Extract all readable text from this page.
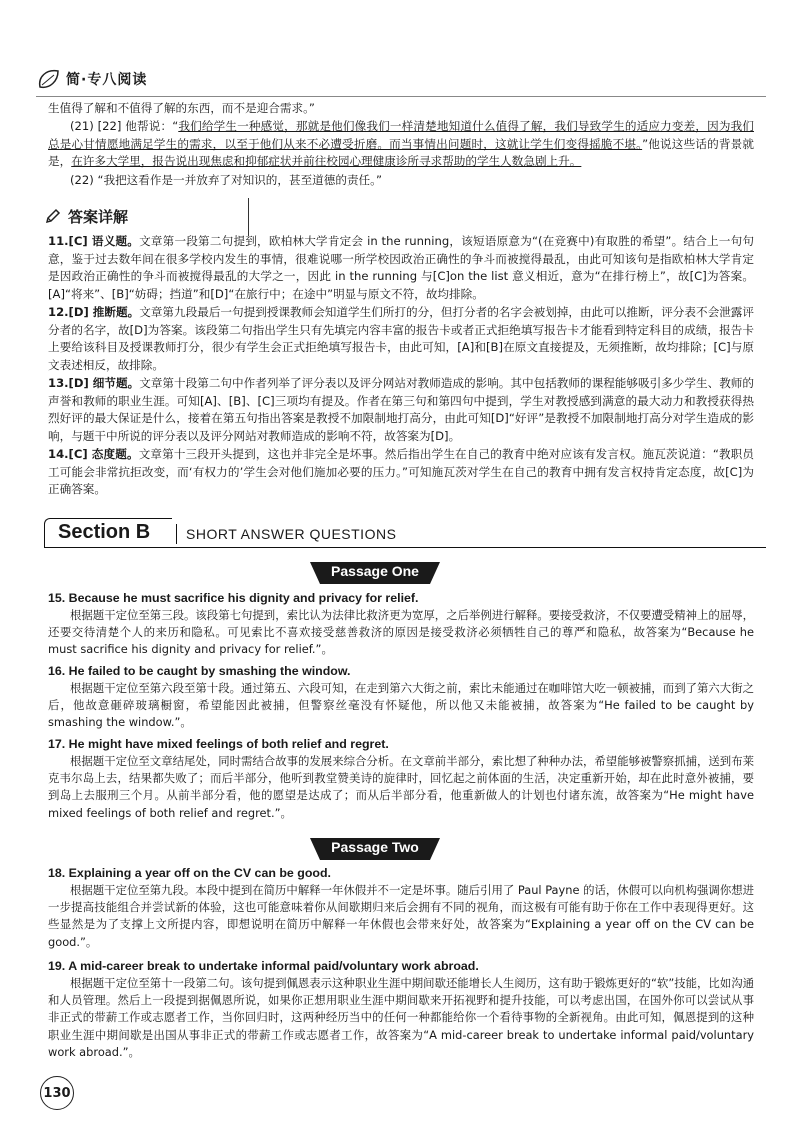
简·专八阅读
生值得了解和不值得了解的东西，而不是迎合需求。”
(21) [22] 他帮说：“我们给学生一种感觉，那就是他们像我们一样清楚地知道什么值得了解，我们导致学生的适应力变差，因为我们总是心甘情愿地满足学生的需求，以至于他们从来不必遭受折磨。而当事情出问题时，这就让学生们变得摇脆不堪。”他说这些话的背景就是，在许多大学里，报告说出现焦虑和抑郁症状并前往校园心理健康诊所寻求帮助的学生人数急剧上升。
(22) “我把这看作是一并放弃了对知识的，甚至道德的责任。”
答案详解
11.[C] 语义题。文章第一段第二句提到，欧柏林大学肯定会 in the running，该短语原意为“(在竞赛中)有取胜的希望”。结合上一句句意，鉴于过去数年间在很多学校内发生的事情，很难说哪一所学校因政治正确性的争斗而被搅得最乱，由此可知该句是指欧柏林大学肯定是因政治正确性的争斗而被搅得最乱的大学之一，因此 in the running 与[C]on the list 意义相近，意为“在排行榜上”，故[C]为答案。[A]“将来”、[B]“妨碍；挡道”和[D]“在旅行中；在途中”明显与原文不符，故均排除。
12.[D] 推断题。文章第九段最后一句提到授课教师会知道学生们所打的分，但打分者的名字会被划掉，由此可以推断，评分表不会泄露评分者的名字，故[D]为答案。该段第二句指出学生只有先填完内容丰富的报告卡或者正式拒绝填写报告卡才能看到特定科目的成绩，报告卡上要给该科目及授课教师打分，很少有学生会正式拒绝填写报告卡，由此可知，[A]和[B]在原文直接提及，无须推断，故均排除；[C]与原文表述相反，故排除。
13.[D] 细节题。文章第十段第二句中作者列举了评分表以及评分网站对教师造成的影响。其中包括教师的课程能够吸引多少学生、教师的声誉和教师的职业生涯。可知[A]、[B]、[C]三项均有提及。作者在第三句和第四句中提到，学生对教授感到满意的最大动力和教授获得热烈好评的最大保证是什么，接着在第五句指出答案是教授不加限制地打高分，由此可知[D]“好评”是教授不加限制地打高分对学生造成的影响，与题干中所说的评分表以及评分网站对教师造成的影响不符，故答案为[D]。
14.[C] 态度题。文章第十三段开头提到，这也并非完全是坏事。然后指出学生在自己的教育中绝对应该有发言权。施瓦茨说道：“教职员工可能会非常抗拒改变，而‘有权力的’学生会对他们施加必要的压力。”可知施瓦茨对学生在自己的教育中拥有发言权持肯定态度，故[C]为正确答案。
Section B	SHORT ANSWER QUESTIONS
Passage One
15. Because he must sacrifice his dignity and privacy for relief.
根据题干定位至第三段。该段第七句提到，索比认为法律比救济更为宽厚，之后举例进行解释。要接受救济，不仅要遭受精神上的屈辱，还要交待清楚个人的来历和隐私。可见索比不喜欢接受慈善救济的原因是接受救济必须牺牲自己的尊严和隐私，故答案为“Because he must sacrifice his dignity and privacy for relief.”。
16. He failed to be caught by smashing the window.
根据题干定位至第六段至第十段。通过第五、六段可知，在走到第六大街之前，索比未能通过在咖啡馆大吃一顿被捕，而到了第六大街之后，他故意砸碎玻璃橱窗，希望能因此被捕，但警察丝毫没有怀疑他，所以他又未能被捕，故答案为“He failed to be caught by smashing the window.”。
17. He might have mixed feelings of both relief and regret.
根据题干定位至文章结尾处，同时需结合故事的发展来综合分析。在文章前半部分，索比想了种种办法，希望能够被警察抓捕，送到布莱克韦尔岛上去，结果都失败了；而后半部分，他听到教堂赞美诗的旋律时，回忆起之前体面的生活，决定重新开始，却在此时意外被捕，要到岛上去服刑三个月。从前半部分看，他的愿望是达成了；而从后半部分看，他重新做人的计划也付诸东流，故答案为“He might have mixed feelings of both relief and regret.”。
Passage Two
18. Explaining a year off on the CV can be good.
根据题干定位至第九段。本段中提到在简历中解释一年休假并不一定是坏事。随后引用了 Paul Payne 的话，休假可以向机构强调你想进一步提高技能组合并尝试新的体验，这也可能意味着你从间歇期归来后会拥有不同的视角，而这极有可能有助于你在工作中表现得更好。这些显然是为了支撑上文所提内容，即想说明在简历中解释一年休假也会带来好处，故答案为“Explaining a year off on the CV can be good.”。
19. A mid-career break to undertake informal paid/voluntary work abroad.
根据题干定位至第十一段第二句。该句提到佩恩表示这种职业生涯中期间歇还能增长人生阅历，这有助于锻炼更好的“软”技能，比如沟通和人员管理。然后上一段提到据佩恩所说，如果你正想用职业生涯中期间歇来开拓视野和提升技能，可以考虑出国，在国外你可以尝试从事非正式的带薪工作或志愿者工作，当你回归时，这两种经历当中的任何一种都能给你一个看待事物的全新视角。由此可知，佩恩提到的这种职业生涯中期间歇是出国从事非正式的带薪工作或志愿者工作，故答案为“A mid-career break to undertake informal paid/voluntary work abroad.”。
130
